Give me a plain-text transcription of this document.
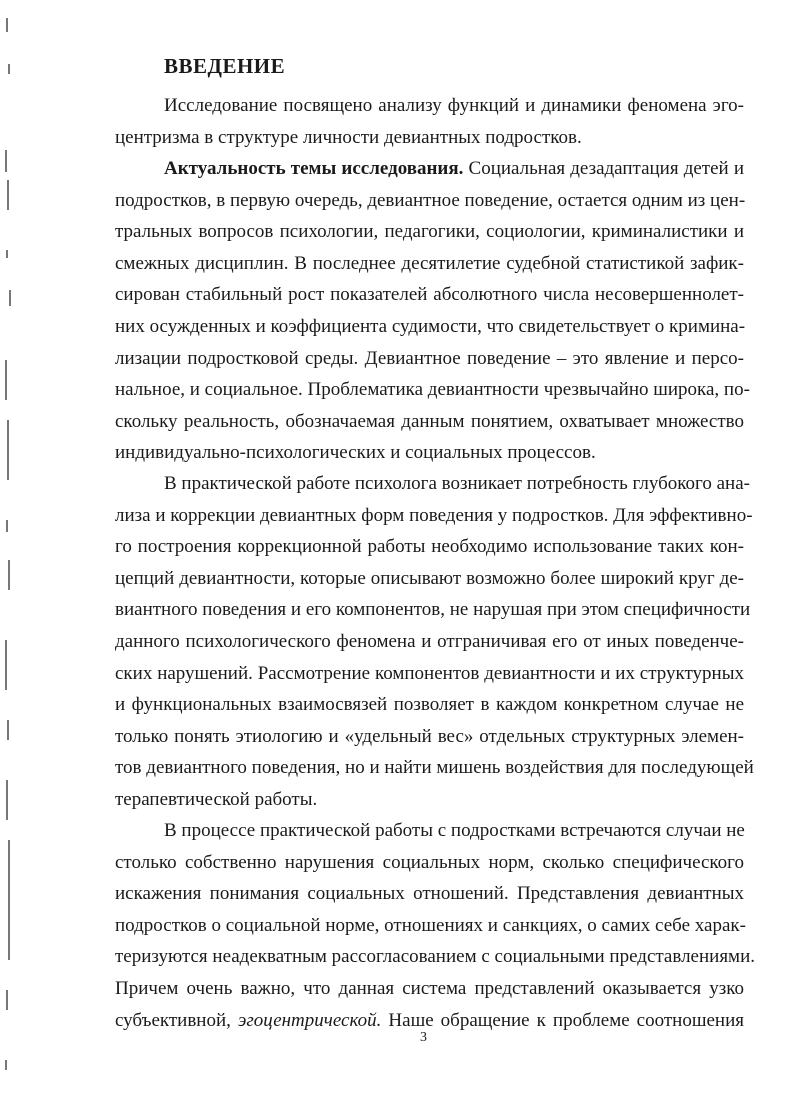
ВВЕДЕНИЕ
Исследование посвящено анализу функций и динамики феномена эго-
центризма в структуре личности девиантных подростков.
Актуальность темы исследования. Социальная дезадаптация детей и
подростков, в первую очередь, девиантное поведение, остается одним из цен-
тральных вопросов психологии, педагогики, социологии, криминалистики и
смежных дисциплин. В последнее десятилетие судебной статистикой зафик-
сирован стабильный рост показателей абсолютного числа несовершеннолет-
них осужденных и коэффициента судимости, что свидетельствует о кримина-
лизации подростковой среды. Девиантное поведение – это явление и персо-
нальное, и социальное. Проблематика девиантности чрезвычайно широка, по-
скольку реальность, обозначаемая данным понятием, охватывает множество
индивидуально-психологических и социальных процессов.
В практической работе психолога возникает потребность глубокого ана-
лиза и коррекции девиантных форм поведения у подростков. Для эффективно-
го построения коррекционной работы необходимо использование таких кон-
цепций девиантности, которые описывают возможно более широкий круг де-
виантного поведения и его компонентов, не нарушая при этом специфичности
данного психологического феномена и отграничивая его от иных поведенче-
ских нарушений. Рассмотрение компонентов девиантности и их структурных
и функциональных взаимосвязей позволяет в каждом конкретном случае не
только понять этиологию и «удельный вес» отдельных структурных элемен-
тов девиантного поведения, но и найти мишень воздействия для последующей
терапевтической работы.
В процессе практической работы с подростками встречаются случаи не
столько собственно нарушения социальных норм, сколько специфического
искажения понимания социальных отношений. Представления девиантных
подростков о социальной норме, отношениях и санкциях, о самих себе харак-
теризуются неадекватным рассогласованием с социальными представлениями.
Причем очень важно, что данная система представлений оказывается узко
субъективной, эгоцентрической. Наше обращение к проблеме соотношения
3
